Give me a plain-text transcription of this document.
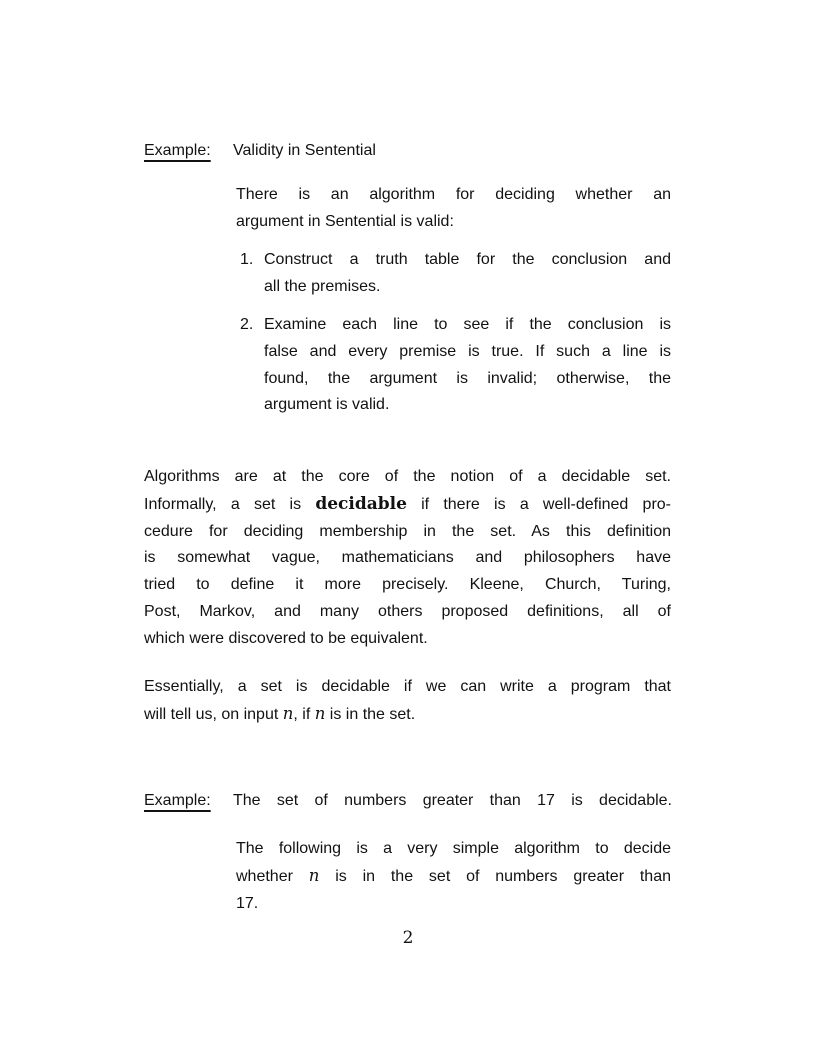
Example:	Validity in Sentential
There is an algorithm for deciding whether an
argument in Sentential is valid:
1. Construct a truth table for the conclusion and
all the premises.
2. Examine each line to see if the conclusion is
false and every premise is true. If such a line is
found, the argument is invalid; otherwise, the
argument is valid.
Algorithms are at the core of the notion of a decidable set.
Informally, a set is decidable if there is a well-defined pro-
cedure for deciding membership in the set. As this definition
is somewhat vague, mathematicians and philosophers have
tried to define it more precisely. Kleene, Church, Turing,
Post, Markov, and many others proposed definitions, all of
which were discovered to be equivalent.
Essentially, a set is decidable if we can write a program that
will tell us, on input n, if n is in the set.
Example:	The set of numbers greater than 17 is decidable.
The following is a very simple algorithm to decide
whether n is in the set of numbers greater than
17.
2
